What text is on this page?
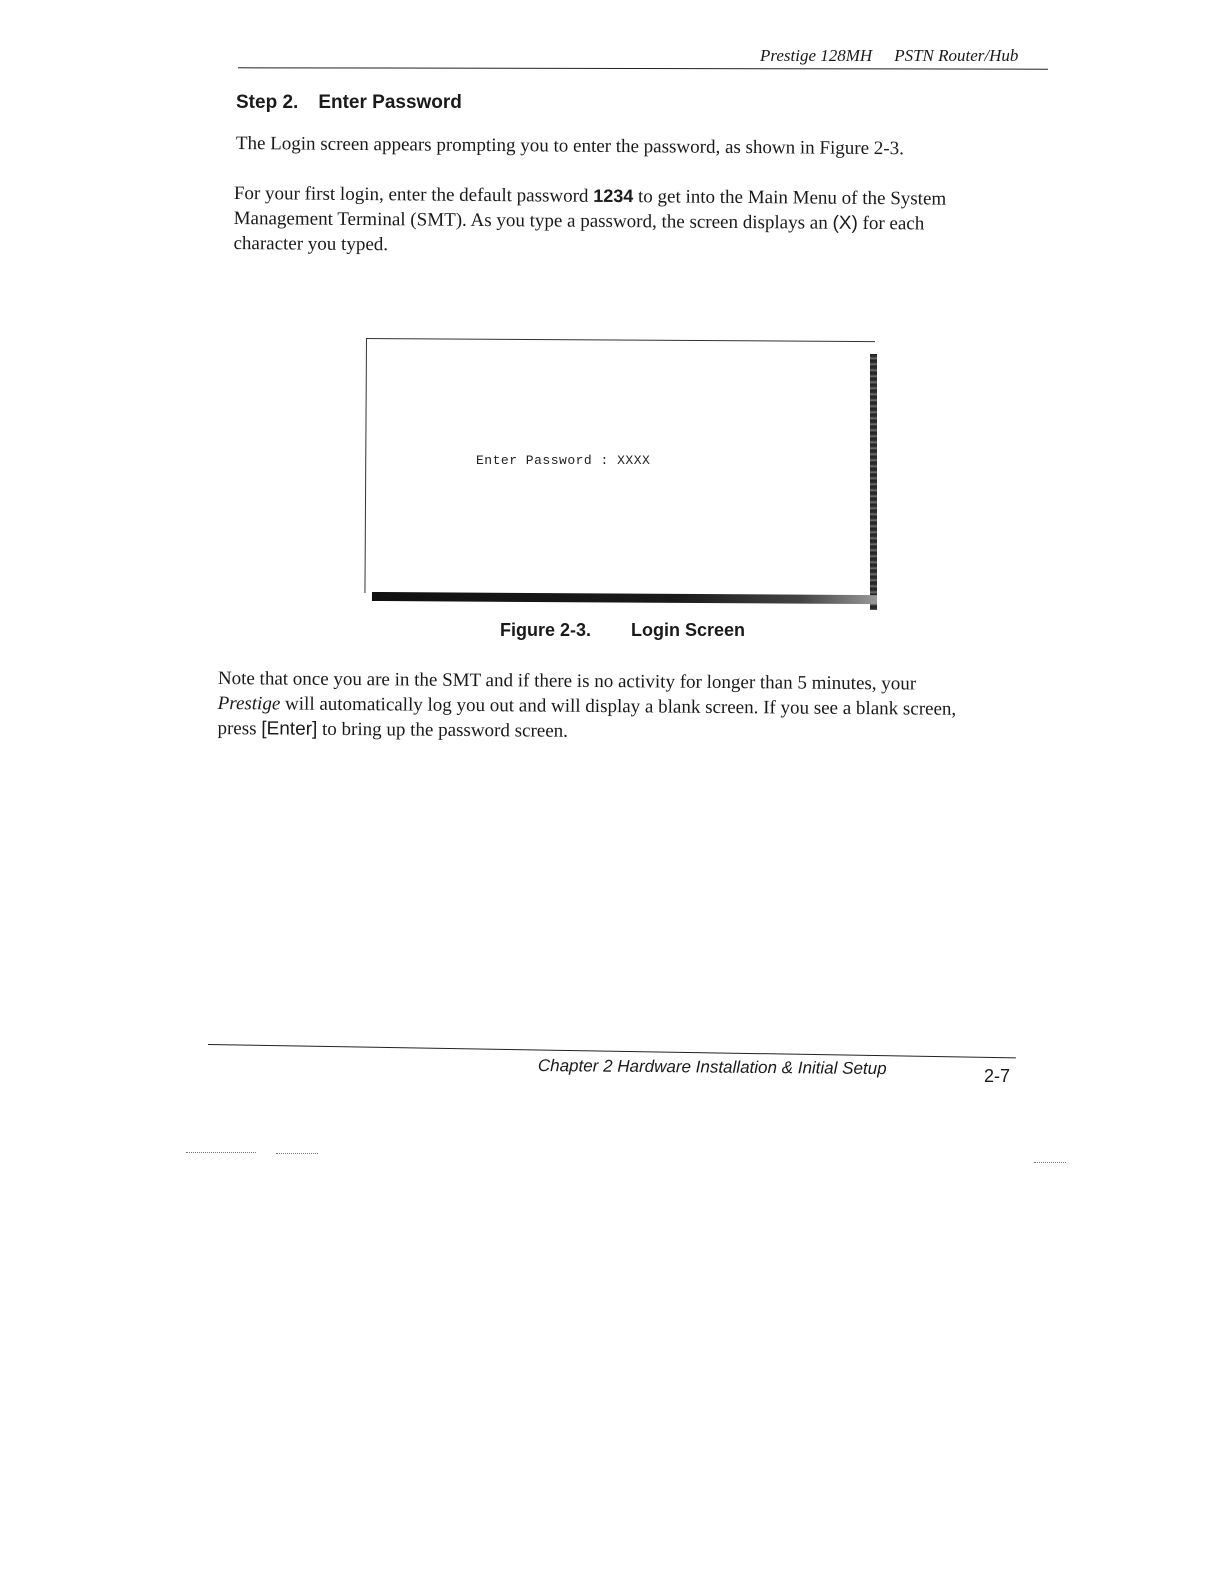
Prestige 128MH PSTN Router/Hub
Step 2. Enter Password
The Login screen appears prompting you to enter the password, as shown in Figure 2-3.
For your first login, enter the default password 1234 to get into the Main Menu of the System
Management Terminal (SMT). As you type a password, the screen displays an (X) for each
character you typed.
Enter Password : XXXX
Figure 2-3. Login Screen
Note that once you are in the SMT and if there is no activity for longer than 5 minutes, your
Prestige will automatically log you out and will display a blank screen. If you see a blank screen,
press [Enter] to bring up the password screen.
Chapter 2 Hardware Installation & Initial Setup	2-7
